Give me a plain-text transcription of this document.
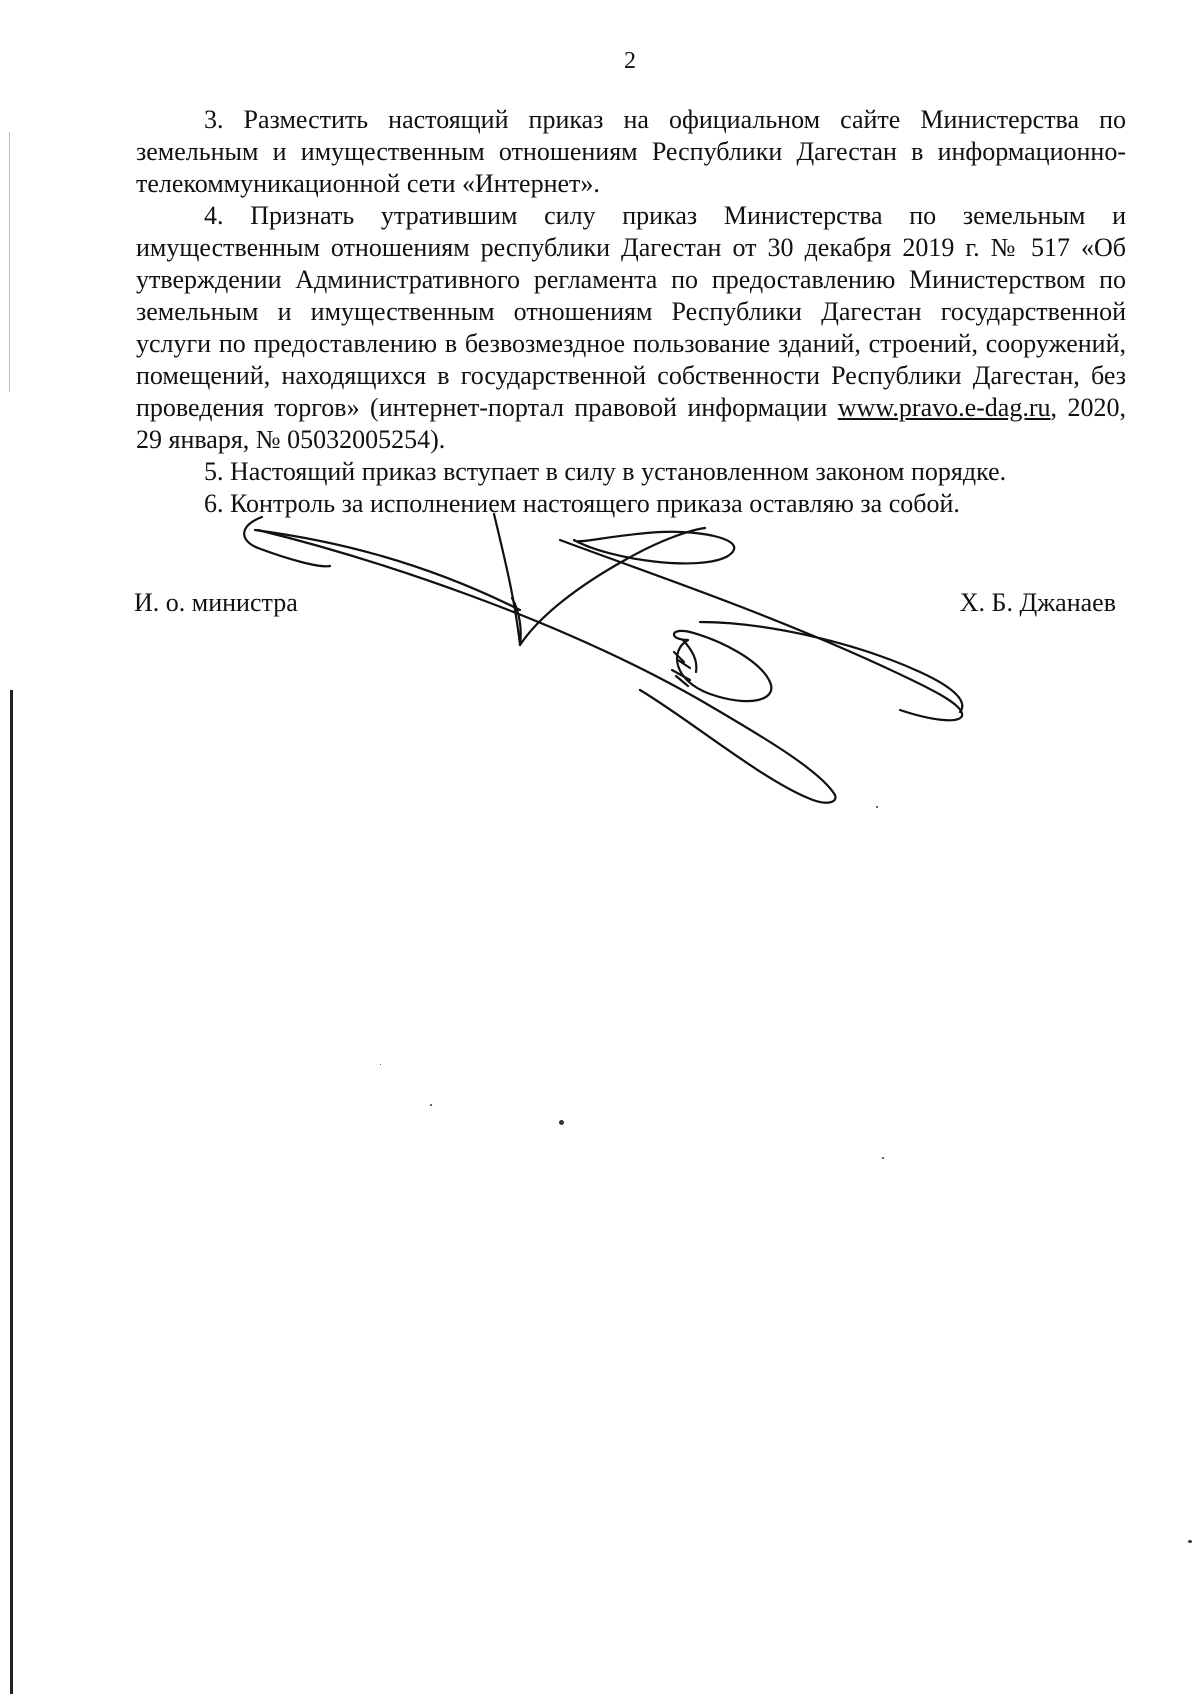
2

3. Разместить настоящий приказ на официальном сайте Министерства по земельным и имущественным отношениям Республики Дагестан в информационно-телекоммуникационной сети «Интернет».

4. Признать утратившим силу приказ Министерства по земельным и имущественным отношениям республики Дагестан от 30 декабря 2019 г. № 517 «Об утверждении Административного регламента по предоставлению Министерством по земельным и имущественным отношениям Республики Дагестан государственной услуги по предоставлению в безвозмездное пользование зданий, строений, сооружений, помещений, находящихся в государственной собственности Республики Дагестан, без проведения торгов» (интернет-портал правовой информации www.pravo.e-dag.ru, 2020, 29 января, № 05032005254).

5. Настоящий приказ вступает в силу в установленном законом порядке.

6. Контроль за исполнением настоящего приказа оставляю за собой.

И. о. министра	Х. Б. Джанаев
